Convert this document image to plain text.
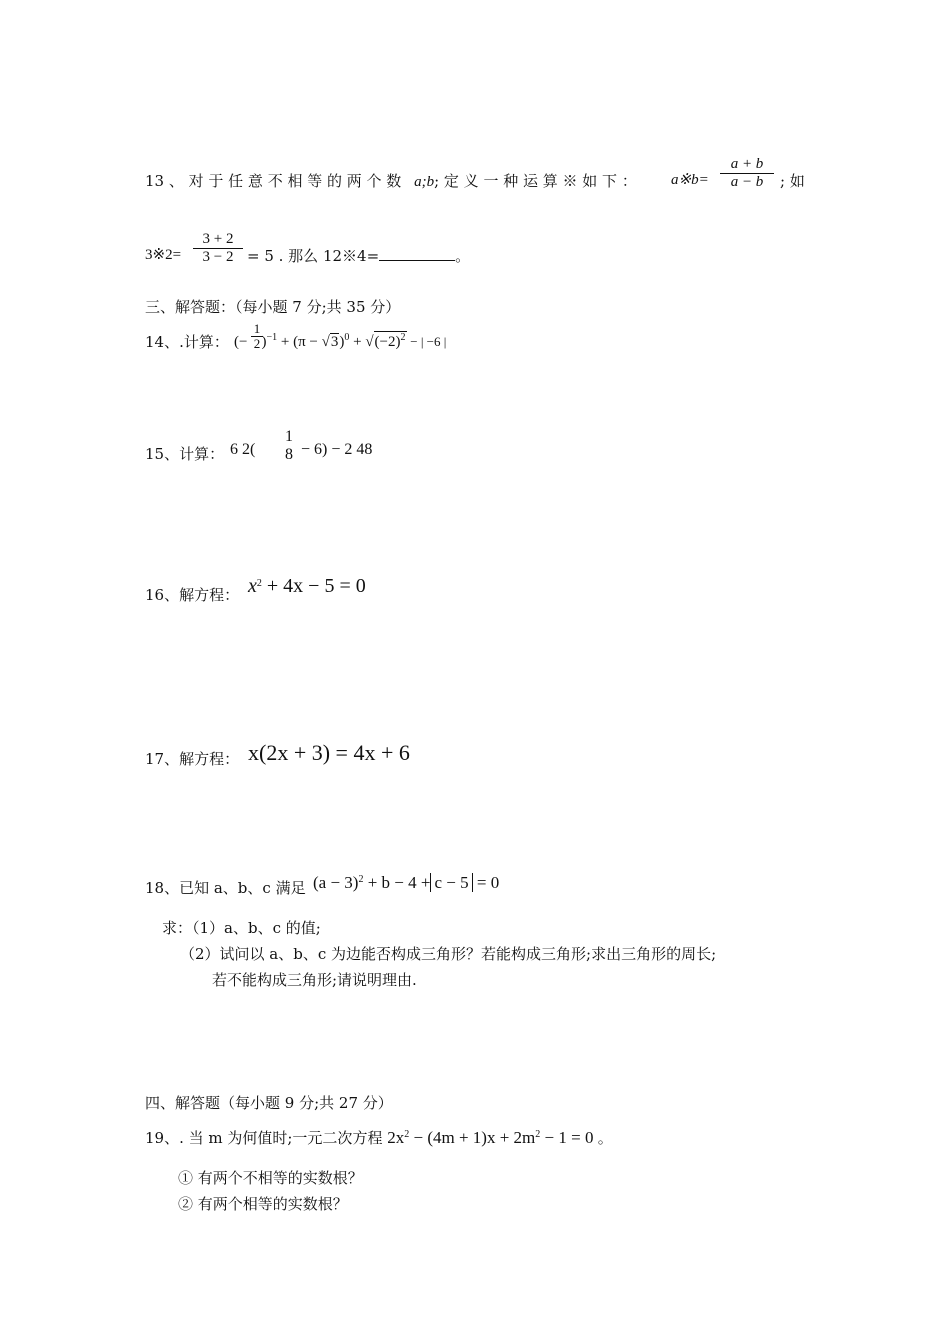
13 、 对 于 任 意 不 相 等 的 两 个 数 a;b; 定 义 一 种 运 算 ※ 如 下 ： a※b=
a + b
a − b	; 如
3※2=
3 + 2
3 − 2 = 5 . 那么 12※4=	。
三、解答题：（每小题 7 分;共 35 分）
14、.计算： (− )$^{-1} + (\pi - √3)^0 + √(-2)^2$ − | −6 |
1
2
15、计算： 6 2(
1
8 − 6) − 2 48
16、解方程： $x^2 + 4x - 5 = 0$
17、解方程： x(2x + 3) = 4x + 6
18、已知 a、b、c 满足 $(a - 3)^2 + b - 4 + c - 5 = 0$
求：（1）a、b、c 的值;
（2）试问以 a、b、c 为边能否构成三角形？若能构成三角形;求出三角形的周长;
若不能构成三角形;请说明理由.
四、解答题（每小题 9 分;共 27 分）
19、. 当 m 为何值时;一元二次方程 $2x^2 - (4m + 1)x + 2m^2 - 1 = 0$ 。
① 有两个不相等的实数根？
② 有两个相等的实数根？
